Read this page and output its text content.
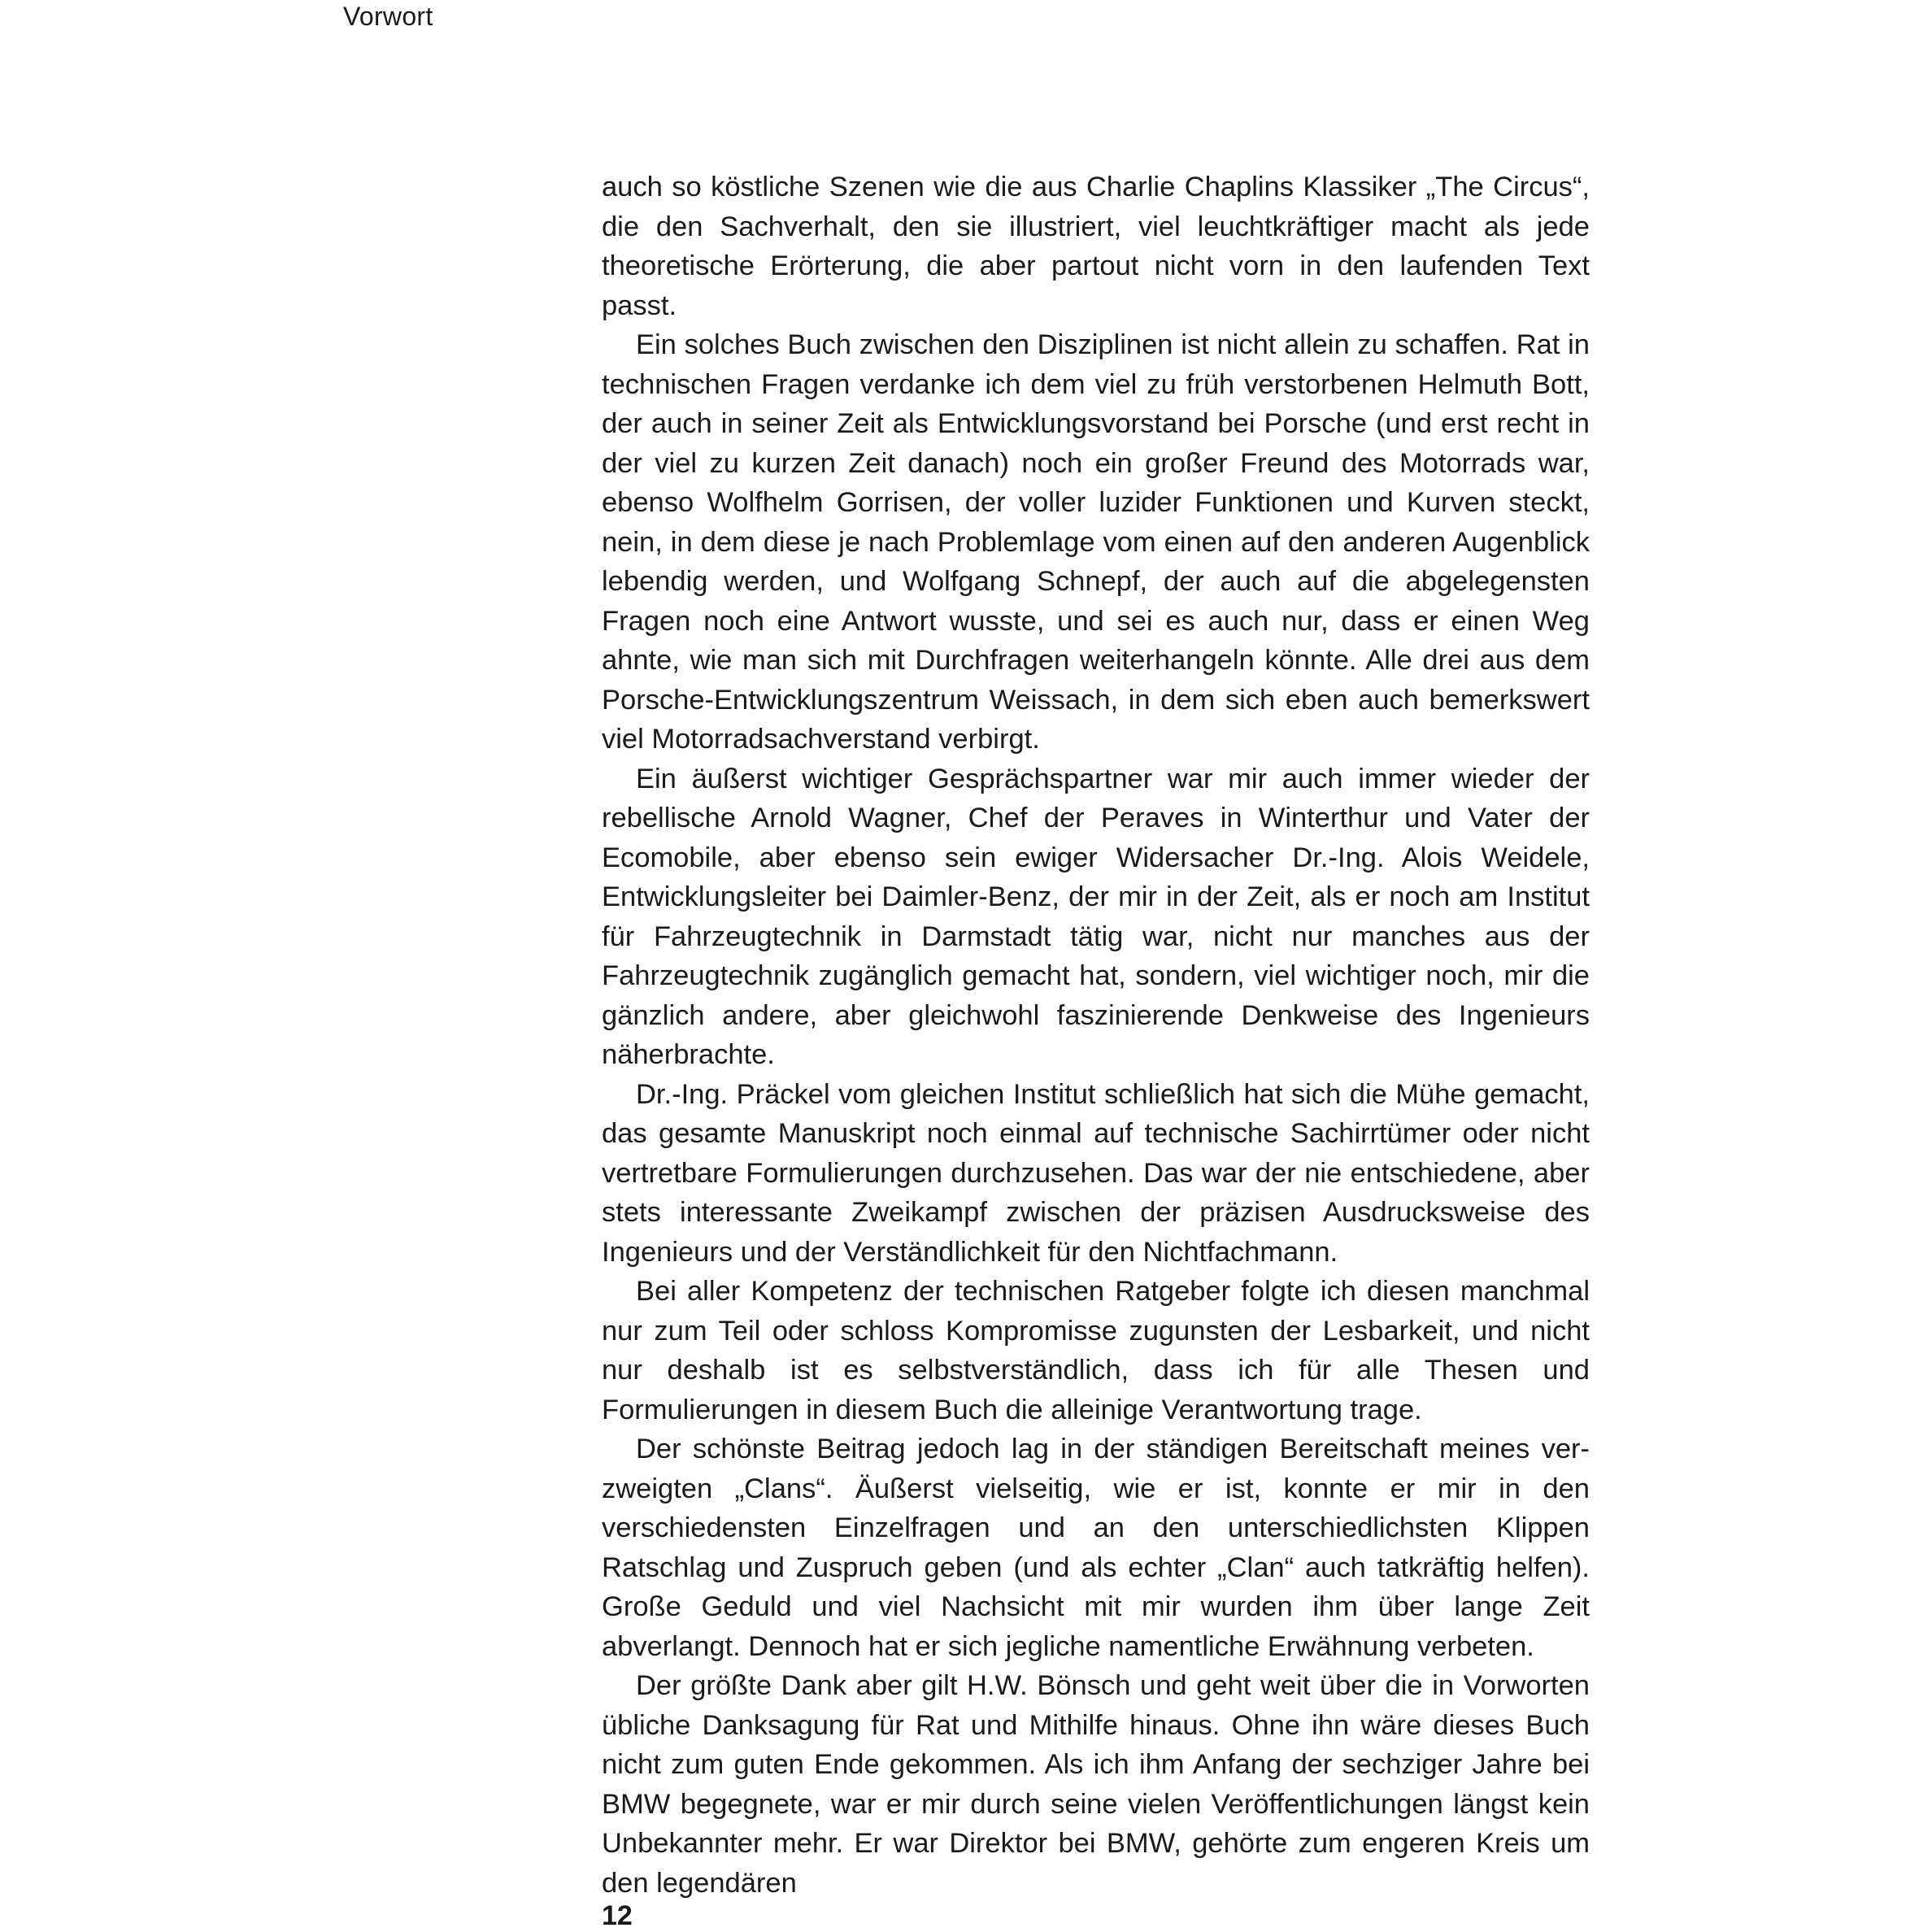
Vorwort

auch so köstliche Szenen wie die aus Charlie Chaplins Klassiker „The Circus“, die den Sachverhalt, den sie illustriert, viel leuchtkräftiger macht als jede theoretische Erörterung, die aber partout nicht vorn in den laufenden Text passt.

Ein solches Buch zwischen den Disziplinen ist nicht allein zu schaffen. Rat in technischen Fragen verdanke ich dem viel zu früh verstorbenen Helmuth Bott, der auch in seiner Zeit als Entwicklungsvorstand bei Porsche (und erst recht in der viel zu kurzen Zeit danach) noch ein großer Freund des Motorrads war, ebenso Wolfhelm Gorrisen, der voller luzider Funktionen und Kurven steckt, nein, in dem diese je nach Problemlage vom einen auf den anderen Augenblick lebendig werden, und Wolfgang Schnepf, der auch auf die abgelegensten Fragen noch eine Antwort wusste, und sei es auch nur, dass er einen Weg ahnte, wie man sich mit Durchfragen weiterhangeln könnte. Alle drei aus dem Porsche-Entwicklungszentrum Weissach, in dem sich eben auch bemerkswert viel Motorradsachverstand verbirgt.

Ein äußerst wichtiger Gesprächspartner war mir auch immer wieder der rebellische Arnold Wagner, Chef der Peraves in Winterthur und Vater der Ecomobile, aber ebenso sein ewiger Widersacher Dr.-Ing. Alois Weidele, Entwicklungsleiter bei Daimler-Benz, der mir in der Zeit, als er noch am Institut für Fahrzeugtechnik in Darmstadt tätig war, nicht nur manches aus der Fahrzeugtechnik zugänglich gemacht hat, sondern, viel wichtiger noch, mir die gänzlich andere, aber gleichwohl faszinierende Denkweise des Ingenieurs näherbrachte.

Dr.-Ing. Präckel vom gleichen Institut schließlich hat sich die Mühe gemacht, das gesamte Manuskript noch einmal auf technische Sachirrtümer oder nicht vertretbare Formulierungen durchzusehen. Das war der nie entschiedene, aber stets interessante Zweikampf zwischen der präzisen Ausdrucksweise des Ingenieurs und der Verständlichkeit für den Nichtfachmann.

Bei aller Kompetenz der technischen Ratgeber folgte ich diesen manchmal nur zum Teil oder schloss Kompromisse zugunsten der Lesbarkeit, und nicht nur deshalb ist es selbstverständlich, dass ich für alle Thesen und Formulierungen in diesem Buch die alleinige Verantwortung trage.

Der schönste Beitrag jedoch lag in der ständigen Bereitschaft meines verzweigten „Clans“. Äußerst vielseitig, wie er ist, konnte er mir in den verschiedensten Einzelfragen und an den unterschiedlichsten Klippen Ratschlag und Zuspruch geben (und als echter „Clan“ auch tatkräftig helfen). Große Geduld und viel Nachsicht mit mir wurden ihm über lange Zeit abverlangt. Dennoch hat er sich jegliche namentliche Erwähnung verbeten.

Der größte Dank aber gilt H.W. Bönsch und geht weit über die in Vorworten übliche Danksagung für Rat und Mithilfe hinaus. Ohne ihn wäre dieses Buch nicht zum guten Ende gekommen. Als ich ihm Anfang der sechziger Jahre bei BMW begegnete, war er mir durch seine vielen Veröffentlichungen längst kein Unbekannter mehr. Er war Direktor bei BMW, gehörte zum engeren Kreis um den legendären

12
